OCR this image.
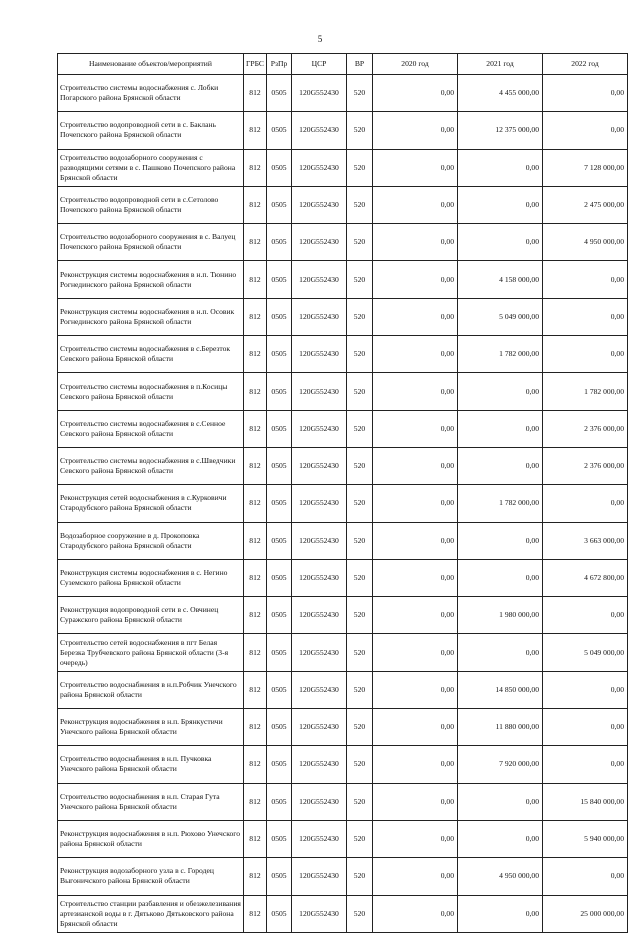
5
Наименование объектов/мероприятий	ГРБС	РзПр	ЦСР	ВР	2020 год	2021 год	2022 год
Строительство системы водоснабжения с. Лобки Погарского района Брянской области	812	0505	120G552430	520	0,00	4 455 000,00	0,00
Строительство водопроводной сети в с. Баклань Почепского района Брянской области	812	0505	120G552430	520	0,00	12 375 000,00	0,00
Строительство водозаборного сооружения с разводящими сетями в с. Пашково Почепского района Брянской области	812	0505	120G552430	520	0,00	0,00	7 128 000,00
Строительство водопроводной сети в с.Сетолово Почепского района Брянской области	812	0505	120G552430	520	0,00	0,00	2 475 000,00
Строительство водозаборного сооружения в с. Валуец Почепского района Брянской области	812	0505	120G552430	520	0,00	0,00	4 950 000,00
Реконструкция системы водоснабжения в н.п. Тюнино Рогнединского района Брянской области	812	0505	120G552430	520	0,00	4 158 000,00	0,00
Реконструкция системы водоснабжения в н.п. Осовик Рогнединского района Брянской области	812	0505	120G552430	520	0,00	5 049 000,00	0,00
Строительство системы водоснабжения в с.Березток Севского района Брянской области	812	0505	120G552430	520	0,00	1 782 000,00	0,00
Строительство системы водоснабжения в п.Косицы Севского района Брянской области	812	0505	120G552430	520	0,00	0,00	1 782 000,00
Строительство системы водоснабжения в с.Сенное Севского района Брянской области	812	0505	120G552430	520	0,00	0,00	2 376 000,00
Строительство системы водоснабжения в с.Шведчики Севского района Брянской области	812	0505	120G552430	520	0,00	0,00	2 376 000,00
Реконструкция сетей водоснабжения в с.Курковичи Стародубского района Брянской области	812	0505	120G552430	520	0,00	1 782 000,00	0,00
Водозаборное сооружение в д. Прокоповка Стародубского района Брянской области	812	0505	120G552430	520	0,00	0,00	3 663 000,00
Реконструкция системы водоснабжения в с. Негино Суземского района Брянской области	812	0505	120G552430	520	0,00	0,00	4 672 800,00
Реконструкция водопроводной сети в с. Овчинец Суражского района Брянской области	812	0505	120G552430	520	0,00	1 980 000,00	0,00
Строительство сетей водоснабжения в пгт Белая Березка Трубчевского района Брянской области (3-я очередь)	812	0505	120G552430	520	0,00	0,00	5 049 000,00
Строительство водоснабжения в н.п.Робчик Унечского района Брянской области	812	0505	120G552430	520	0,00	14 850 000,00	0,00
Реконструкция водоснабжения в н.п. Брянкустичи Унечского района Брянской области	812	0505	120G552430	520	0,00	11 880 000,00	0,00
Строительство водоснабжения в н.п. Пучковка Унечского района Брянской области	812	0505	120G552430	520	0,00	7 920 000,00	0,00
Строительство водоснабжения в н.п. Старая Гута Унечского района Брянской области	812	0505	120G552430	520	0,00	0,00	15 840 000,00
Реконструкция водоснабжения в н.п. Рюхово Унечского района Брянской области	812	0505	120G552430	520	0,00	0,00	5 940 000,00
Реконструкция водозаборного узла в с. Городец Выгоничского района Брянской области	812	0505	120G552430	520	0,00	4 950 000,00	0,00
Строительство станции разбавления и обезжелезивания артезианской воды в г. Дятьково Дятьковского района Брянской области	812	0505	120G552430	520	0,00	0,00	25 000 000,00
